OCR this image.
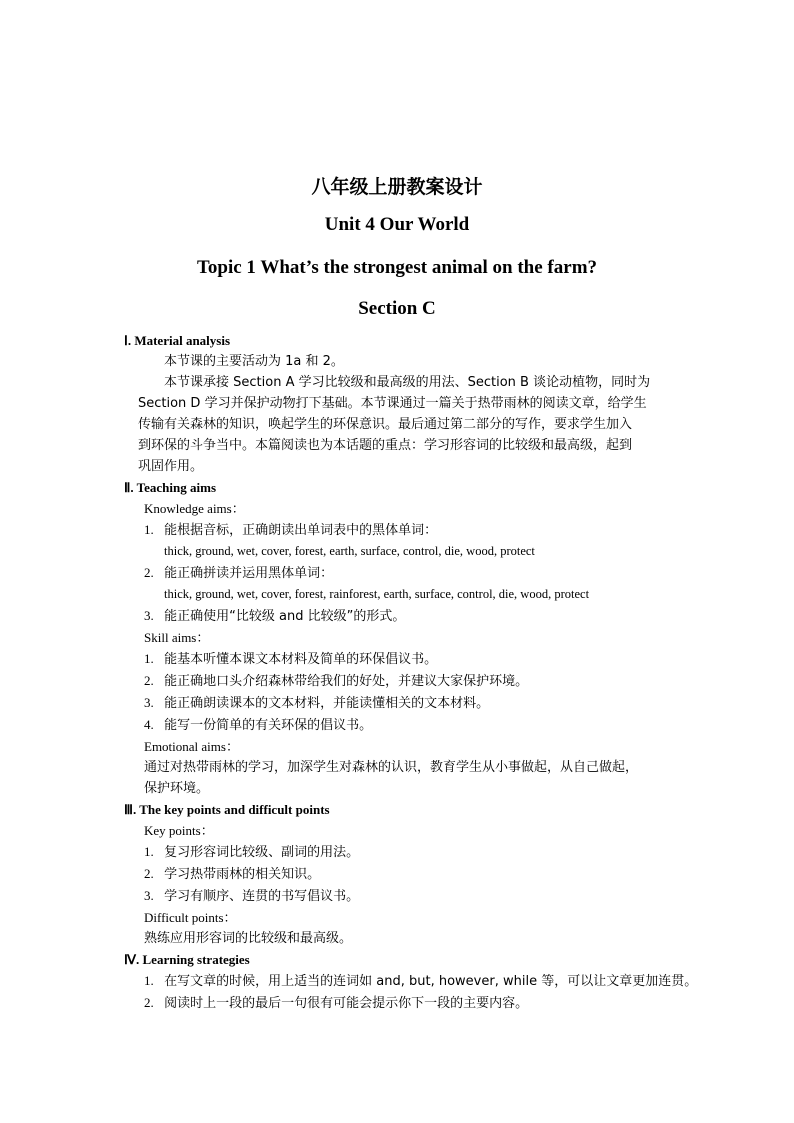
八年级上册教案设计
Unit 4 Our World
Topic 1 What’s the strongest animal on the farm?
Section C
Ⅰ. Material analysis
本节课的主要活动为 1a 和 2。
本节课承接 Section A 学习比较级和最高级的用法、Section B 谈论动植物，同时为
Section D 学习并保护动物打下基础。本节课通过一篇关于热带雨林的阅读文章，给学生
传输有关森林的知识，唤起学生的环保意识。最后通过第二部分的写作，要求学生加入
到环保的斗争当中。本篇阅读也为本话题的重点：学习形容词的比较级和最高级，起到
巩固作用。
Ⅱ. Teaching aims
Knowledge aims：
1. 能根据音标，正确朗读出单词表中的黑体单词：
thick, ground, wet, cover, forest, earth, surface, control, die, wood, protect
2. 能正确拼读并运用黑体单词：
thick, ground, wet, cover, forest, rainforest, earth, surface, control, die, wood, protect
3. 能正确使用“比较级 and 比较级”的形式。
Skill aims：
1. 能基本听懂本课文本材料及简单的环保倡议书。
2. 能正确地口头介绍森林带给我们的好处，并建议大家保护环境。
3. 能正确朗读课本的文本材料，并能读懂相关的文本材料。
4. 能写一份简单的有关环保的倡议书。
Emotional aims：
通过对热带雨林的学习，加深学生对森林的认识，教育学生从小事做起，从自己做起，
保护环境。
Ⅲ. The key points and difficult points
Key points：
1. 复习形容词比较级、副词的用法。
2. 学习热带雨林的相关知识。
3. 学习有顺序、连贯的书写倡议书。
Difficult points：
熟练应用形容词的比较级和最高级。
Ⅳ. Learning strategies
1. 在写文章的时候，用上适当的连词如 and, but, however, while 等，可以让文章更加连贯。
2. 阅读时上一段的最后一句很有可能会提示你下一段的主要内容。
